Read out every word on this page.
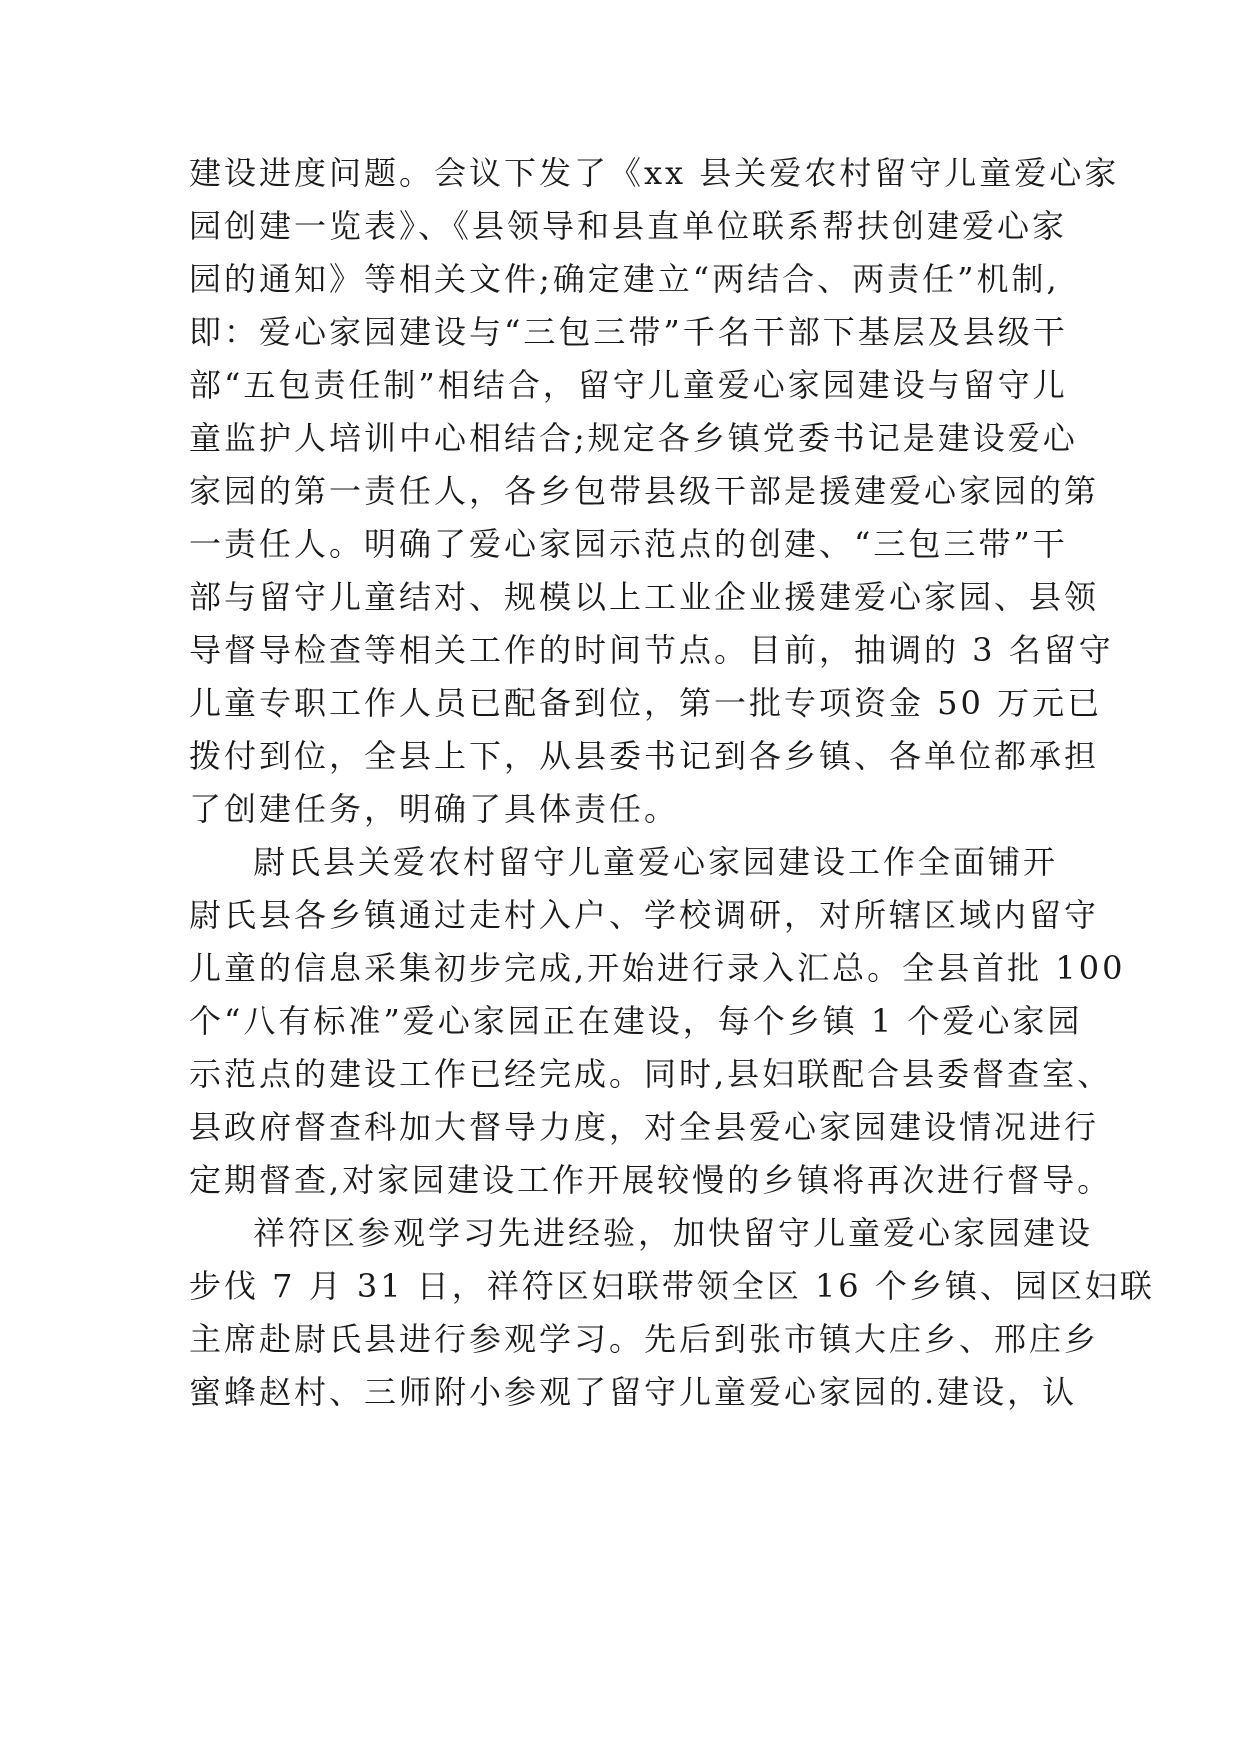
建设进度问题。会议下发了《xx 县关爱农村留守儿童爱心家
园创建一览表》、《县领导和县直单位联系帮扶创建爱心家
园的通知》等相关文件;确定建立“两结合、两责任”机制,
即：爱心家园建设与“三包三带”千名干部下基层及县级干
部“五包责任制”相结合，留守儿童爱心家园建设与留守儿
童监护人培训中心相结合;规定各乡镇党委书记是建设爱心
家园的第一责任人，各乡包带县级干部是援建爱心家园的第
一责任人。明确了爱心家园示范点的创建、“三包三带”干
部与留守儿童结对、规模以上工业企业援建爱心家园、县领
导督导检查等相关工作的时间节点。目前，抽调的 3 名留守
儿童专职工作人员已配备到位，第一批专项资金 50 万元已
拨付到位，全县上下，从县委书记到各乡镇、各单位都承担
了创建任务，明确了具体责任。
尉氏县关爱农村留守儿童爱心家园建设工作全面铺开
尉氏县各乡镇通过走村入户、学校调研，对所辖区域内留守
儿童的信息采集初步完成,开始进行录入汇总。全县首批 100
个“八有标准”爱心家园正在建设，每个乡镇 1 个爱心家园
示范点的建设工作已经完成。同时,县妇联配合县委督查室、
县政府督查科加大督导力度，对全县爱心家园建设情况进行
定期督查,对家园建设工作开展较慢的乡镇将再次进行督导。
祥符区参观学习先进经验，加快留守儿童爱心家园建设
步伐 7 月 31 日，祥符区妇联带领全区 16 个乡镇、园区妇联
主席赴尉氏县进行参观学习。先后到张市镇大庄乡、邢庄乡
蜜蜂赵村、三师附小参观了留守儿童爱心家园的.建设，认
